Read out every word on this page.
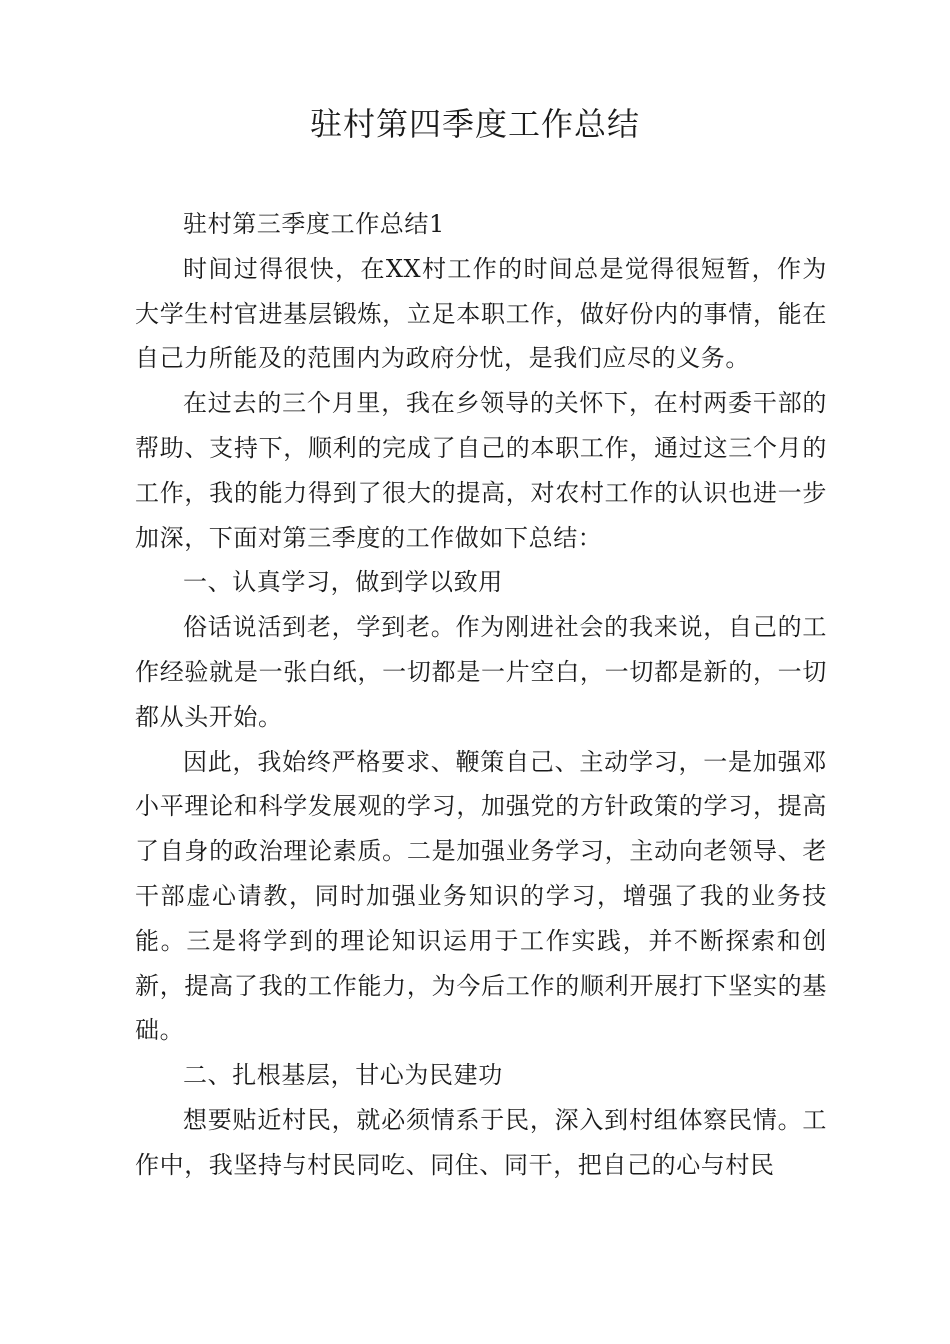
驻村第四季度工作总结

驻村第三季度工作总结1

时间过得很快，在XX村工作的时间总是觉得很短暂，作为大学生村官进基层锻炼，立足本职工作，做好份内的事情，能在自己力所能及的范围内为政府分忧，是我们应尽的义务。

在过去的三个月里，我在乡领导的关怀下，在村两委干部的帮助、支持下，顺利的完成了自己的本职工作，通过这三个月的工作，我的能力得到了很大的提高，对农村工作的认识也进一步加深，下面对第三季度的工作做如下总结：

一、认真学习，做到学以致用

俗话说活到老，学到老。作为刚进社会的我来说，自己的工作经验就是一张白纸，一切都是一片空白，一切都是新的，一切都从头开始。

因此，我始终严格要求、鞭策自己、主动学习，一是加强邓小平理论和科学发展观的学习，加强党的方针政策的学习，提高了自身的政治理论素质。二是加强业务学习，主动向老领导、老干部虚心请教，同时加强业务知识的学习，增强了我的业务技能。三是将学到的理论知识运用于工作实践，并不断探索和创新，提高了我的工作能力，为今后工作的顺利开展打下坚实的基础。

二、扎根基层，甘心为民建功

想要贴近村民，就必须情系于民，深入到村组体察民情。工作中，我坚持与村民同吃、同住、同干，把自己的心与村民
